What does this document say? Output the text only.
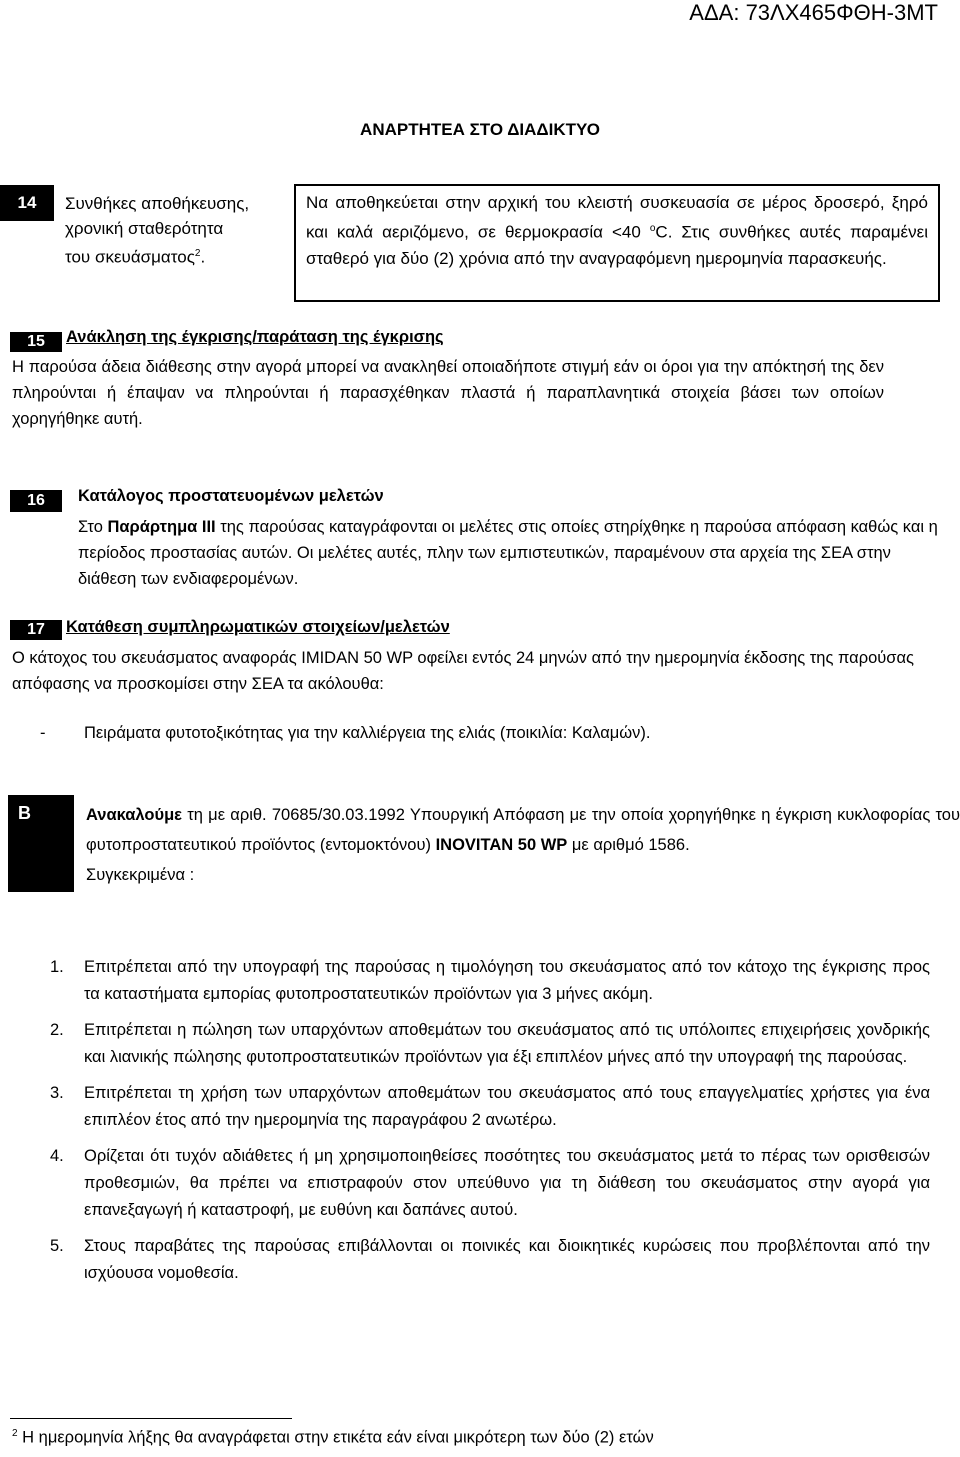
ΑΔΑ: 73ΛΧ465ΦΘΗ-3ΜΤ
ΑΝΑΡΤΗΤΕΑ ΣΤΟ ΔΙΑΔΙΚΤΥΟ
14	Συνθήκες αποθήκευσης,
χρονική σταθερότητα
του σκευάσματος$^2$.
Να αποθηκεύεται στην αρχική του κλειστή συσκευασία σε μέρος δροσερό, ξηρό και καλά αεριζόμενο, σε θερμοκρασία <40 $^o$C. Στις συνθήκες αυτές παραμένει σταθερό για δύο (2) χρόνια από την αναγραφόμενη ημερομηνία παρασκευής.
15	Ανάκληση της έγκρισης/παράταση της έγκρισης
Η παρούσα άδεια διάθεσης στην αγορά μπορεί να ανακληθεί οποιαδήποτε στιγμή εάν οι όροι για την απόκτησή της δεν πληρούνται ή έπαψαν να πληρούνται ή παρασχέθηκαν πλαστά ή παραπλανητικά στοιχεία βάσει των οποίων χορηγήθηκε αυτή.
16	Κατάλογος προστατευομένων μελετών
Στο Παράρτημα ΙΙΙ της παρούσας καταγράφονται οι μελέτες στις οποίες στηρίχθηκε η παρούσα απόφαση καθώς και η περίοδος προστασίας αυτών. Οι μελέτες αυτές, πλην των εμπιστευτικών, παραμένουν στα αρχεία της ΣΕΑ στην διάθεση των ενδιαφερομένων.
17	Κατάθεση συμπληρωματικών στοιχείων/μελετών
Ο κάτοχος του σκευάσματος αναφοράς IMIDAN 50 WP οφείλει εντός 24 μηνών από την ημερομηνία έκδοσης της παρούσας απόφασης να προσκομίσει στην ΣΕΑ τα ακόλουθα:
- Πειράματα φυτοτοξικότητας για την καλλιέργεια της ελιάς (ποικιλία: Καλαμών).
B	Ανακαλούμε τη με αριθ. 70685/30.03.1992 Υπουργική Απόφαση με την οποία χορηγήθηκε η έγκριση κυκλοφορίας του φυτοπροστατευτικού προϊόντος (εντομοκτόνου) INOVITAN 50 WP με αριθμό 1586.
Συγκεκριμένα :
1.	Επιτρέπεται από την υπογραφή της παρούσας η τιμολόγηση του σκευάσματος από τον κάτοχο της έγκρισης προς τα καταστήματα εμπορίας φυτοπροστατευτικών προϊόντων για 3 μήνες ακόμη.
2.	Επιτρέπεται η πώληση των υπαρχόντων αποθεμάτων του σκευάσματος από τις υπόλοιπες επιχειρήσεις χονδρικής και λιανικής πώλησης φυτοπροστατευτικών προϊόντων για έξι επιπλέον μήνες από την υπογραφή της παρούσας.
3.	Επιτρέπεται τη χρήση των υπαρχόντων αποθεμάτων του σκευάσματος από τους επαγγελματίες χρήστες για ένα επιπλέον έτος από την ημερομηνία της παραγράφου 2 ανωτέρω.
4.	Ορίζεται ότι τυχόν αδιάθετες ή μη χρησιμοποιηθείσες ποσότητες του σκευάσματος μετά το πέρας των ορισθεισών προθεσμιών, θα πρέπει να επιστραφούν στον υπεύθυνο για τη διάθεση του σκευάσματος στην αγορά για επανεξαγωγή ή καταστροφή, με ευθύνη και δαπάνες αυτού.
5.	Στους παραβάτες της παρούσας επιβάλλονται οι ποινικές και διοικητικές κυρώσεις που προβλέπονται από την ισχύουσα νομοθεσία.
$^2$ Η ημερομηνία λήξης θα αναγράφεται στην ετικέτα εάν είναι μικρότερη των δύο (2) ετών
